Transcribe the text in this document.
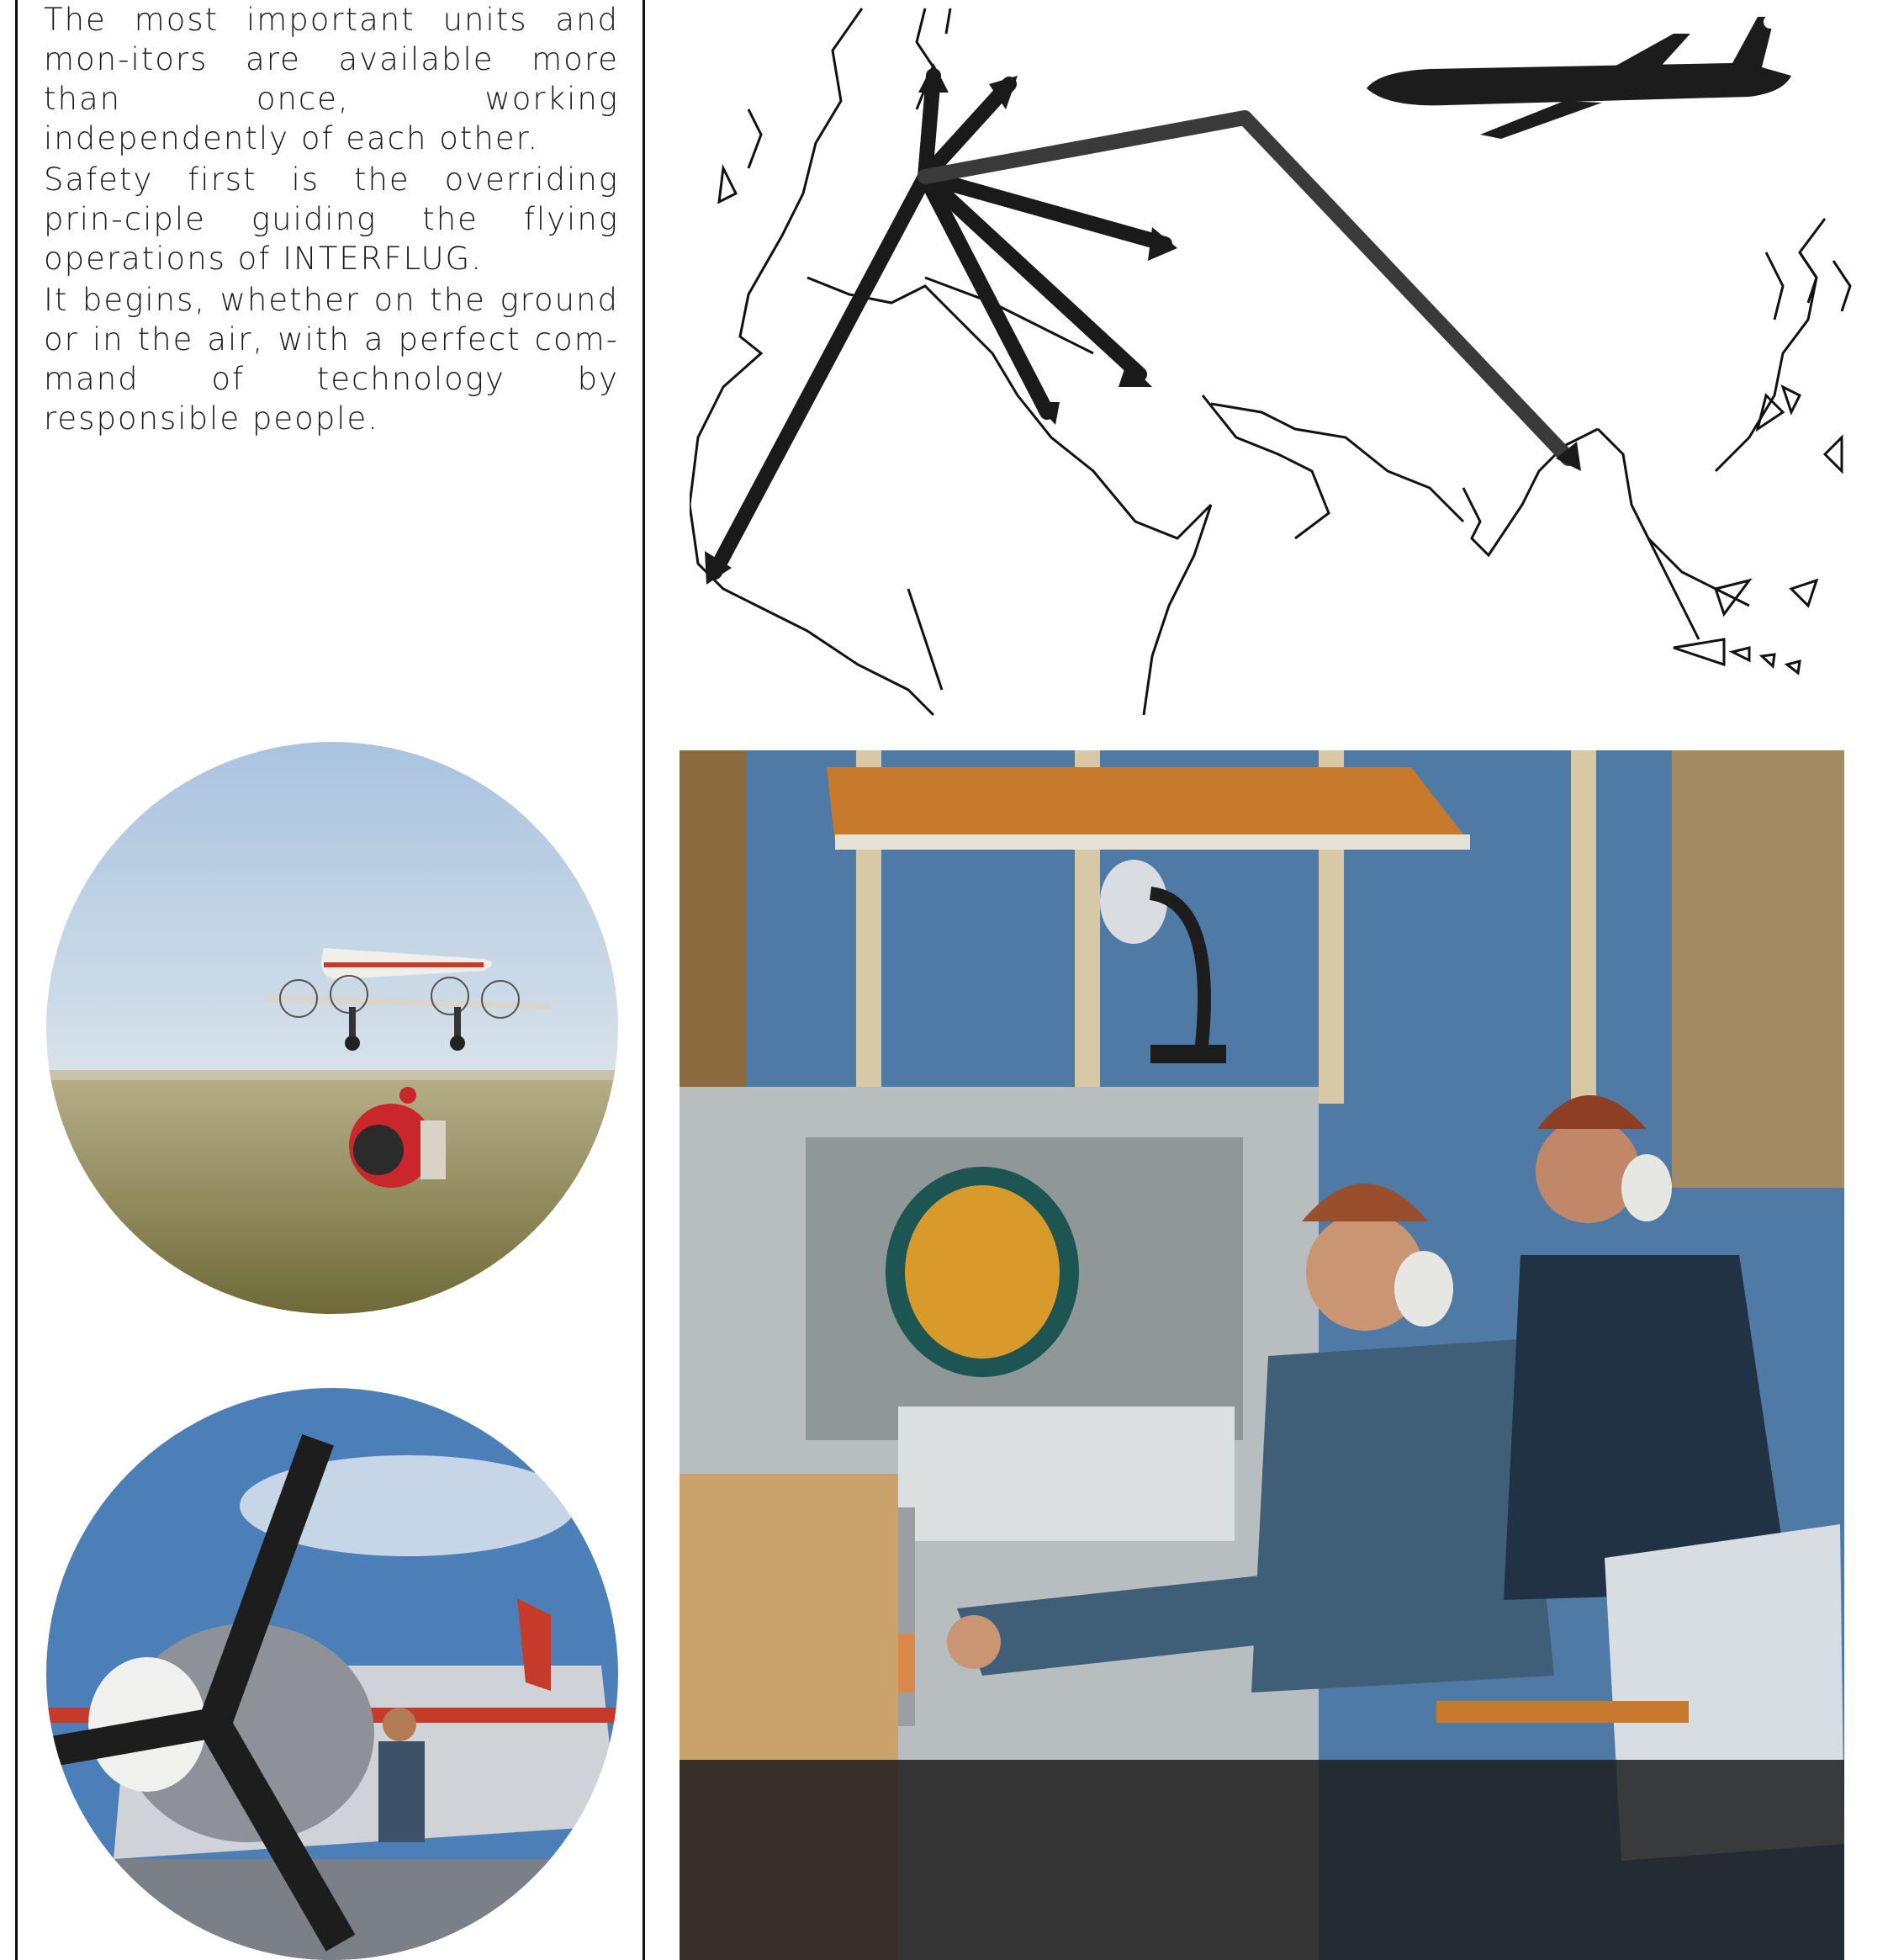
The most important units and mon-itors are available more than once, working independently of each other.

Safety first is the overriding prin-ciple guiding the flying operations of INTERFLUG.

It begins, whether on the ground or in the air, with a perfect com-mand of technology by responsible people.
